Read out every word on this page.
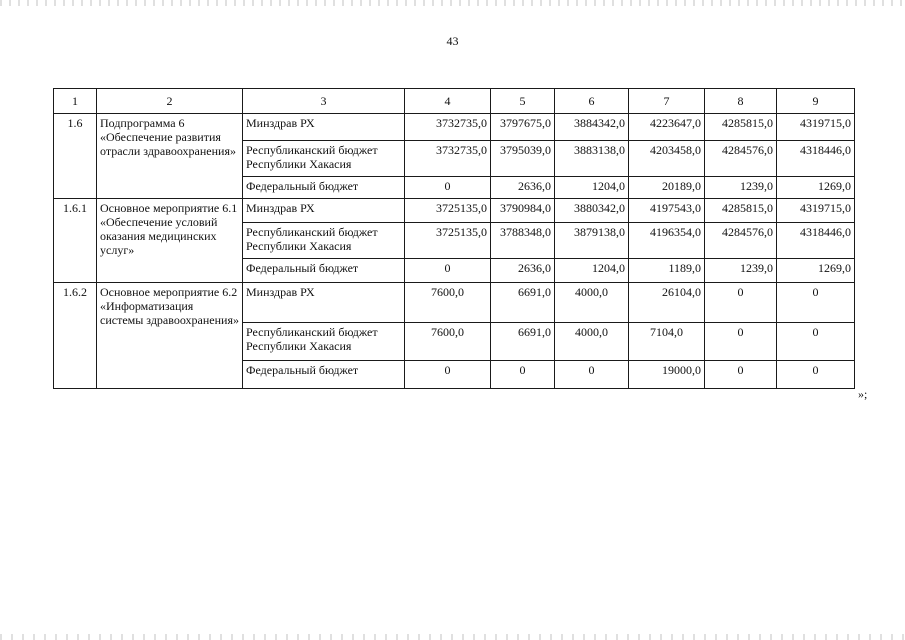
43
1	2	3	4	5	6	7	8	9
1.6	Подпрограмма 6 «Обеспечение развития отрасли здравоохранения»	Минздрав РХ	3732735,0	3797675,0	3884342,0	4223647,0	4285815,0	4319715,0
		Республиканский бюджет Республики Хакасия	3732735,0	3795039,0	3883138,0	4203458,0	4284576,0	4318446,0
		Федеральный бюджет	0	2636,0	1204,0	20189,0	1239,0	1269,0
1.6.1	Основное мероприятие 6.1 «Обеспечение условий оказания медицинских услуг»	Минздрав РХ	3725135,0	3790984,0	3880342,0	4197543,0	4285815,0	4319715,0
		Республиканский бюджет Республики Хакасия	3725135,0	3788348,0	3879138,0	4196354,0	4284576,0	4318446,0
		Федеральный бюджет	0	2636,0	1204,0	1189,0	1239,0	1269,0
1.6.2	Основное мероприятие 6.2 «Информатизация системы здравоохранения»	Минздрав РХ	7600,0	6691,0	4000,0	26104,0	0	0
		Республиканский бюджет Республики Хакасия	7600,0	6691,0	4000,0	7104,0	0	0
		Федеральный бюджет	0	0	0	19000,0	0	0
»;
